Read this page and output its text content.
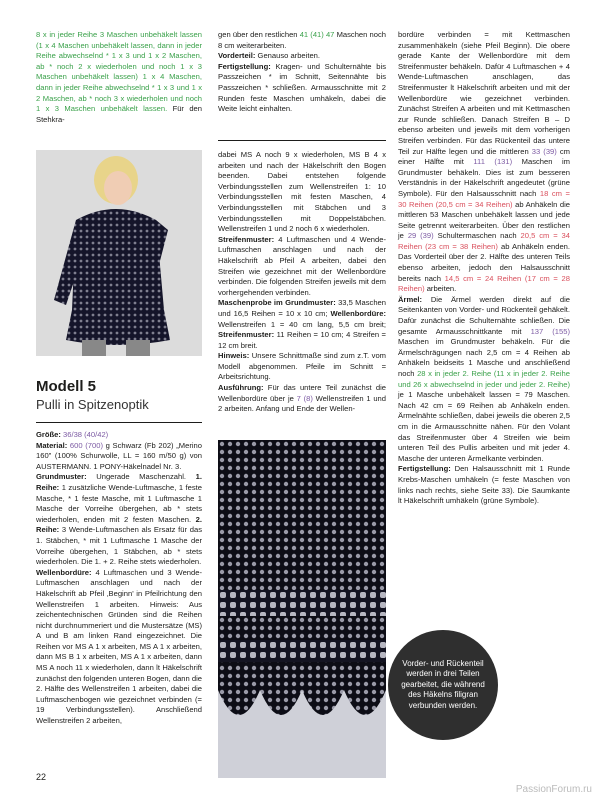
8 x in jeder Reihe 3 Maschen unbehäkelt lassen (1 x 4 Maschen unbehäkelt lassen, dann in jeder Reihe abwechselnd * 1 x 3 und 1 x 2 Maschen, ab * noch 2 x wiederholen und noch 1 x 3 Maschen unbehäkelt lassen) 1 x 4 Maschen, dann in jeder Reihe abwechselnd * 1 x 3 und 1 x 2 Maschen, ab * noch 3 x wiederholen und noch 1 x 3 Maschen unbehäkelt lassen. Für den Stehkra-

gen über den restlichen 41 (41) 47 Maschen noch 8 cm weiterarbeiten.

Vorderteil: Genauso arbeiten.

Fertigstellung: Kragen- und Schulternähte bis Passzeichen * im Schnitt, Seitennähte bis Passzeichen * schließen. Armausschnitte mit 2 Runden feste Maschen umhäkeln, dabei die Weite leicht einhalten.

Modell 5
Pulli in Spitzenoptik

Größe: 36/38 (40/42)

Material: 600 (700) g Schwarz (Fb 202) „Merino 160" (100% Schurwolle, LL = 160 m/50 g) von AUSTERMANN. 1 PONY-Häkelnadel Nr. 3.

Grundmuster: Ungerade Maschenzahl. 1. Reihe: 1 zusätzliche Wende-Luftmasche, 1 feste Masche, * 1 feste Masche, mit 1 Luftmasche 1 Masche der Vorreihe übergehen, ab * stets wiederholen, enden mit 2 festen Maschen. 2. Reihe: 3 Wende-Luftmaschen als Ersatz für das 1. Stäbchen, * mit 1 Luftmasche 1 Masche der Vorreihe übergehen, 1 Stäbchen, ab * stets wiederholen. Die 1. + 2. Reihe stets wiederholen.

Wellenbordüre: 4 Luftmaschen und 3 Wende-Luftmaschen anschlagen und nach der Häkelschrift ab Pfeil ‚Beginn' in Pfeilrichtung den Wellenstreifen 1 arbeiten. Hinweis: Aus zeichentechnischen Gründen sind die Reihen nicht durchnummeriert und die Mustersätze (MS) A und B am linken Rand eingezeichnet. Die Reihen vor MS A 1 x arbeiten, MS A 1 x arbeiten, dann MS B 1 x arbeiten, MS A 1 x arbeiten, dann MS A noch 11 x wiederholen, dann lt Häkelschrift zunächst den folgenden unteren Bogen, dann die 2. Hälfte des Wellenstreifen 1 arbeiten, dabei die Luftmaschenbogen wie gezeichnet verbinden (= 19 Verbindungsstellen). Anschließend Wellenstreifen 2 arbeiten,

dabei MS A noch 9 x wiederholen, MS B 4 x arbeiten und nach der Häkelschrift den Bogen beenden. Dabei entstehen folgende Verbindungsstellen zum Wellenstreifen 1: 10 Verbindungsstellen mit festen Maschen, 4 Verbindungsstellen mit Stäbchen und 3 Verbindungsstellen mit Doppelstäbchen. Wellenstreifen 1 und 2 noch 6 x wiederholen.

Streifenmuster: 4 Luftmaschen und 4 Wende-Luftmaschen anschlagen und nach der Häkelschrift ab Pfeil A arbeiten, dabei den Streifen wie gezeichnet mit der Wellenbordüre verbinden. Die folgenden Streifen jeweils mit dem vorhergehenden verbinden.

Maschenprobe im Grundmuster: 33,5 Maschen und 16,5 Reihen = 10 x 10 cm; Wellenbordüre: Wellenstreifen 1 = 40 cm lang, 5,5 cm breit; Streifenmuster: 11 Reihen = 10 cm; 4 Streifen = 12 cm breit.

Hinweis: Unsere Schnittmaße sind zum z.T. vom Modell abgenommen. Pfeile im Schnitt = Arbeitsrichtung.

Ausführung: Für das untere Teil zunächst die Wellenbordüre über je 7 (8) Wellenstreifen 1 und 2 arbeiten. Anfang und Ende der Wellen-

bordüre verbinden = mit Kettmaschen zusammenhäkeln (siehe Pfeil Beginn). Die obere gerade Kante der Wellenbordüre mit dem Streifenmuster behäkeln. Dafür 4 Luftmaschen + 4 Wende-Luftmaschen anschlagen, das Streifenmuster lt Häkelschrift arbeiten und mit der Wellenbordüre wie gezeichnet verbinden. Zunächst Streifen A arbeiten und mit Kettmaschen zur Runde schließen. Danach Streifen B – D ebenso arbeiten und jeweils mit dem vorherigen Streifen verbinden. Für das Rückenteil das untere Teil zur Hälfte legen und die mittleren 33 (39) cm einer Hälfte mit 111 (131) Maschen im Grundmuster behäkeln. Dies ist zum besseren Verständnis in der Häkelschrift angedeutet (grüne Symbole). Für den Halsausschnitt nach 18 cm = 30 Reihen (20,5 cm = 34 Reihen) ab Anhäkeln die mittleren 53 Maschen unbehäkelt lassen und jede Seite getrennt weiterarbeiten. Über den restlichen je 29 (39) Schultermaschen nach 20,5 cm = 34 Reihen (23 cm = 38 Reihen) ab Anhäkeln enden. Das Vorderteil über der 2. Hälfte des unteren Teils ebenso arbeiten, jedoch den Halsausschnitt bereits nach 14,5 cm = 24 Reihen (17 cm = 28 Reihen) arbeiten.

Ärmel: Die Ärmel werden direkt auf die Seitenkanten von Vorder- und Rückenteil gehäkelt. Dafür zunächst die Schulternähte schließen. Die gesamte Armausschnittkante mit 137 (155) Maschen im Grundmuster behäkeln. Für die Ärmelschrägungen nach 2,5 cm = 4 Reihen ab Anhäkeln beidseits 1 Masche und anschließend noch 28 x in jeder 2. Reihe (11 x in jeder 2. Reihe und 26 x abwechselnd in jeder und jeder 2. Reihe) je 1 Masche unbehäkelt lassen = 79 Maschen. Nach 42 cm = 69 Reihen ab Anhäkeln enden. Ärmelnähte schließen, dabei jeweils die oberen 2,5 cm in die Armausschnitte nähen. Für den Volant das Streifenmuster über 4 Streifen wie beim unteren Teil des Pullis arbeiten und mit jeder 4. Masche der unteren Ärmelkante verbinden.

Fertigstellung: Den Halsausschnitt mit 1 Runde Krebs-Maschen umhäkeln (= feste Maschen von links nach rechts, siehe Seite 33). Die Saumkante lt Häkelschrift umhäkeln (grüne Symbole).

Vorder- und Rückenteil werden in drei Teilen gearbeitet, die während des Häkelns filigran verbunden werden.
22
PassionForum.ru
